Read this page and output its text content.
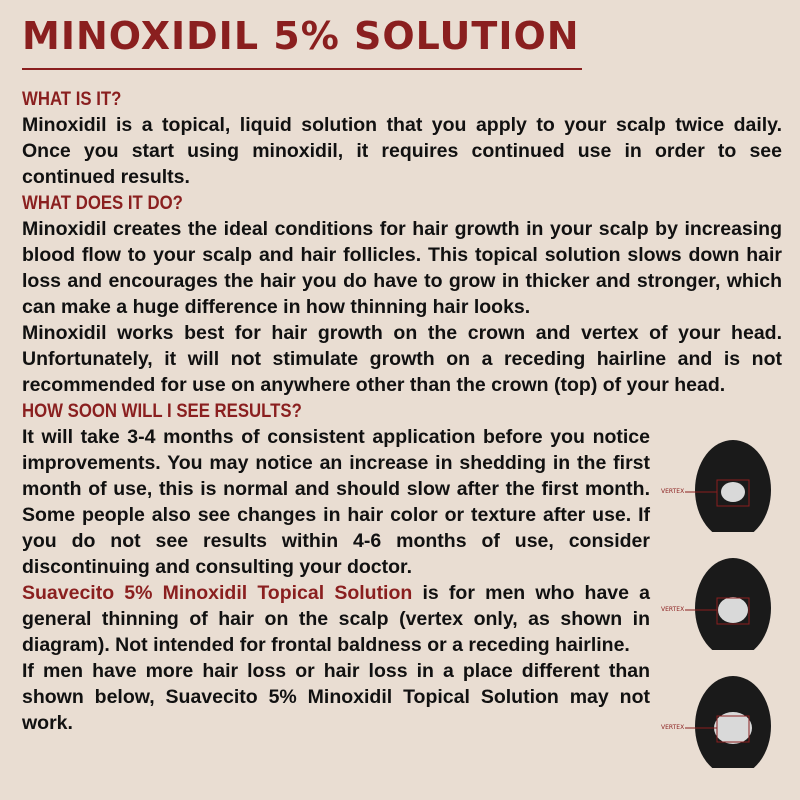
MINOXIDIL 5% SOLUTION
WHAT IS IT?

Minoxidil is a topical, liquid solution that you apply to your scalp twice daily. Once you start using minoxidil, it requires continued use in order to see continued results.

WHAT DOES IT DO?

Minoxidil creates the ideal conditions for hair growth in your scalp by increasing blood flow to your scalp and hair follicles. This topical solution slows down hair loss and encourages the hair you do have to grow in thicker and stronger, which can make a huge difference in how thinning hair looks.

Minoxidil works best for hair growth on the crown and vertex of your head. Unfortunately, it will not stimulate growth on a receding hairline and is not recommended for use on anywhere other than the crown (top) of your head.

HOW SOON WILL I SEE RESULTS?

It will take 3-4 months of consistent application before you notice improvements. You may notice an increase in shedding in the first month of use, this is normal and should slow after the first month. Some people also see changes in hair color or texture after use. If you do not see results within 4-6 months of use, consider discontinuing and consulting your doctor.

Suavecito 5% Minoxidil Topical Solution is for men who have a general thinning of hair on the scalp (vertex only, as shown in diagram). Not intended for frontal baldness or a receding hairline.

If men have more hair loss or hair loss in a place different than shown below, Suavecito 5% Minoxidil Topical Solution may not work.

VERTEX
VERTEX
VERTEX
